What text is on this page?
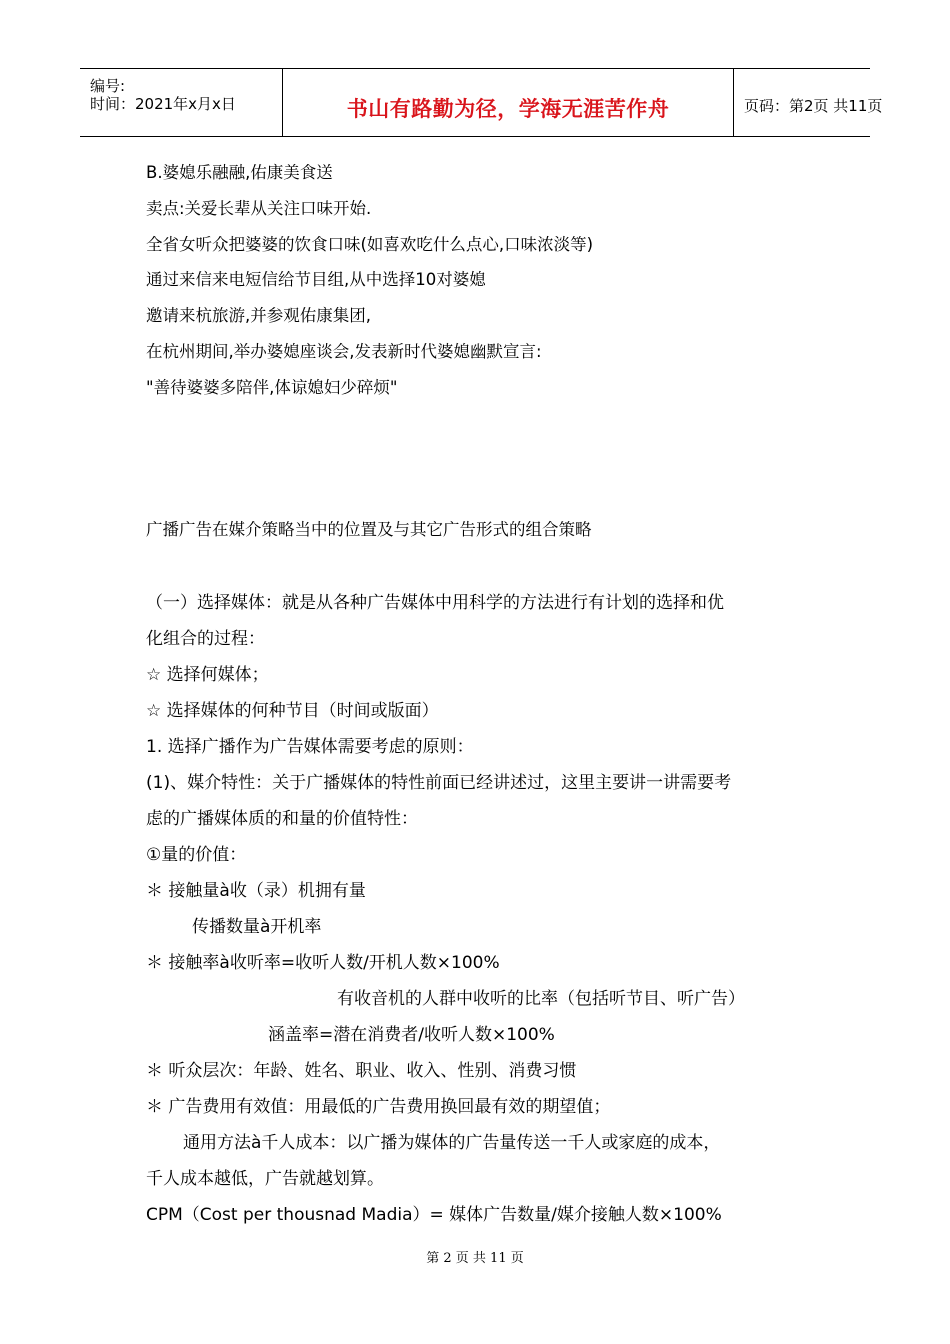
编号:
时间：2021年x月x日	书山有路勤为径，学海无涯苦作舟	页码：第2页 共11页
B.婆媳乐融融,佑康美食送
卖点:关爱长辈从关注口味开始.
全省女听众把婆婆的饮食口味(如喜欢吃什么点心,口味浓淡等)
通过来信来电短信给节目组,从中选择10对婆媳
邀请来杭旅游,并参观佑康集团,
在杭州期间,举办婆媳座谈会,发表新时代婆媳幽默宣言:
"善待婆婆多陪伴,体谅媳妇少碎烦"
广播广告在媒介策略当中的位置及与其它广告形式的组合策略
（一）选择媒体：就是从各种广告媒体中用科学的方法进行有计划的选择和优
化组合的过程：
☆ 选择何媒体；
☆ 选择媒体的何种节目（时间或版面）
1. 选择广播作为广告媒体需要考虑的原则：
(1)、媒介特性：关于广播媒体的特性前面已经讲述过，这里主要讲一讲需要考
虑的广播媒体质的和量的价值特性：
①量的价值：
＊ 接触量à收（录）机拥有量
传播数量à开机率
＊ 接触率à收听率=收听人数/开机人数×100%
有收音机的人群中收听的比率（包括听节目、听广告）
涵盖率=潜在消费者/收听人数×100%
＊ 听众层次：年龄、姓名、职业、收入、性别、消费习惯
＊ 广告费用有效值：用最低的广告费用换回最有效的期望值；
通用方法à千人成本：以广播为媒体的广告量传送一千人或家庭的成本，
千人成本越低，广告就越划算。
CPM（Cost per thousnad Madia）= 媒体广告数量/媒介接触人数×100%
第 2 页 共 11 页
